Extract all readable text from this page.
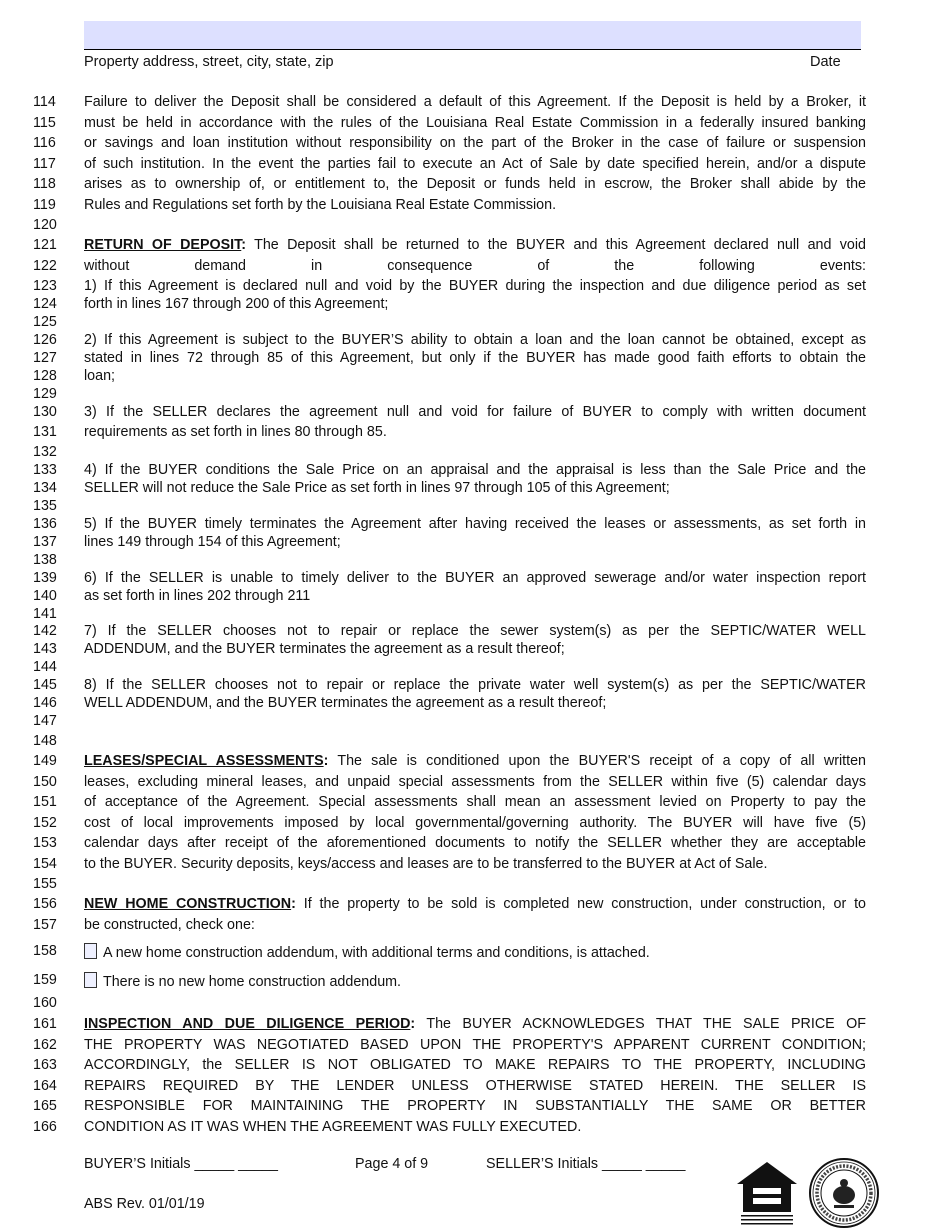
Property address, street, city, state, zip	Date
114	Failure to deliver the Deposit shall be considered a default of this Agreement. If the Deposit is held by a Broker, it
115	must be held in accordance with the rules of the Louisiana Real Estate Commission in a federally insured banking
116	or savings and loan institution without responsibility on the part of the Broker in the case of failure or suspension
117	of such institution. In the event the parties fail to execute an Act of Sale by date specified herein, and/or a dispute
118	arises as to ownership of, or entitlement to, the Deposit or funds held in escrow, the Broker shall abide by the
119	Rules and Regulations set forth by the Louisiana Real Estate Commission.
120
121	RETURN OF DEPOSIT: The Deposit shall be returned to the BUYER and this Agreement declared null and void
122	without demand in consequence of the following events:
123	1) If this Agreement is declared null and void by the BUYER during the inspection and due diligence period as set
124	forth in lines 167 through 200 of this Agreement;
125
126	2) If this Agreement is subject to the BUYER’S ability to obtain a loan and the loan cannot be obtained, except as
127	stated in lines 72 through 85 of this Agreement, but only if the BUYER has made good faith efforts to obtain the
128	loan;
129
130	3) If the SELLER declares the agreement null and void for failure of BUYER to comply with written document
131	requirements as set forth in lines 80 through 85.
132
133	4) If the BUYER conditions the Sale Price on an appraisal and the appraisal is less than the Sale Price and the
134	SELLER will not reduce the Sale Price as set forth in lines 97 through 105 of this Agreement;
135
136	5) If the BUYER timely terminates the Agreement after having received the leases or assessments, as set forth in
137	lines 149 through 154 of this Agreement;
138
139	6) If the SELLER is unable to timely deliver to the BUYER an approved sewerage and/or water inspection report
140	as set forth in lines 202 through 211
141
142	7) If the SELLER chooses not to repair or replace the sewer system(s) as per the SEPTIC/WATER WELL
143	ADDENDUM, and the BUYER terminates the agreement as a result thereof;
144
145	8) If the SELLER chooses not to repair or replace the private water well system(s) as per the SEPTIC/WATER
146	WELL ADDENDUM, and the BUYER terminates the agreement as a result thereof;
147
148
149	LEASES/SPECIAL ASSESSMENTS: The sale is conditioned upon the BUYER'S receipt of a copy of all written
150	leases, excluding mineral leases, and unpaid special assessments from the SELLER within five (5) calendar days
151	of acceptance of the Agreement. Special assessments shall mean an assessment levied on Property to pay the
152	cost of local improvements imposed by local governmental/governing authority. The BUYER will have five (5)
153	calendar days after receipt of the aforementioned documents to notify the SELLER whether they are acceptable
154	to the BUYER. Security deposits, keys/access and leases are to be transferred to the BUYER at Act of Sale.
155
156	NEW HOME CONSTRUCTION: If the property to be sold is completed new construction, under construction, or to
157	be constructed, check one:
158	A new home construction addendum, with additional terms and conditions, is attached.
159	There is no new home construction addendum.
160
161	INSPECTION AND DUE DILIGENCE PERIOD: The BUYER ACKNOWLEDGES THAT THE SALE PRICE OF
162	THE PROPERTY WAS NEGOTIATED BASED UPON THE PROPERTY'S APPARENT CURRENT CONDITION;
163	ACCORDINGLY, the SELLER IS NOT OBLIGATED TO MAKE REPAIRS TO THE PROPERTY, INCLUDING
164	REPAIRS REQUIRED BY THE LENDER UNLESS OTHERWISE STATED HEREIN. THE SELLER IS
165	RESPONSIBLE FOR MAINTAINING THE PROPERTY IN SUBSTANTIALLY THE SAME OR BETTER
166	CONDITION AS IT WAS WHEN THE AGREEMENT WAS FULLY EXECUTED.
BUYER’S Initials _____ _____	Page 4 of 9	SELLER’S Initials _____ _____
ABS Rev. 01/01/19
